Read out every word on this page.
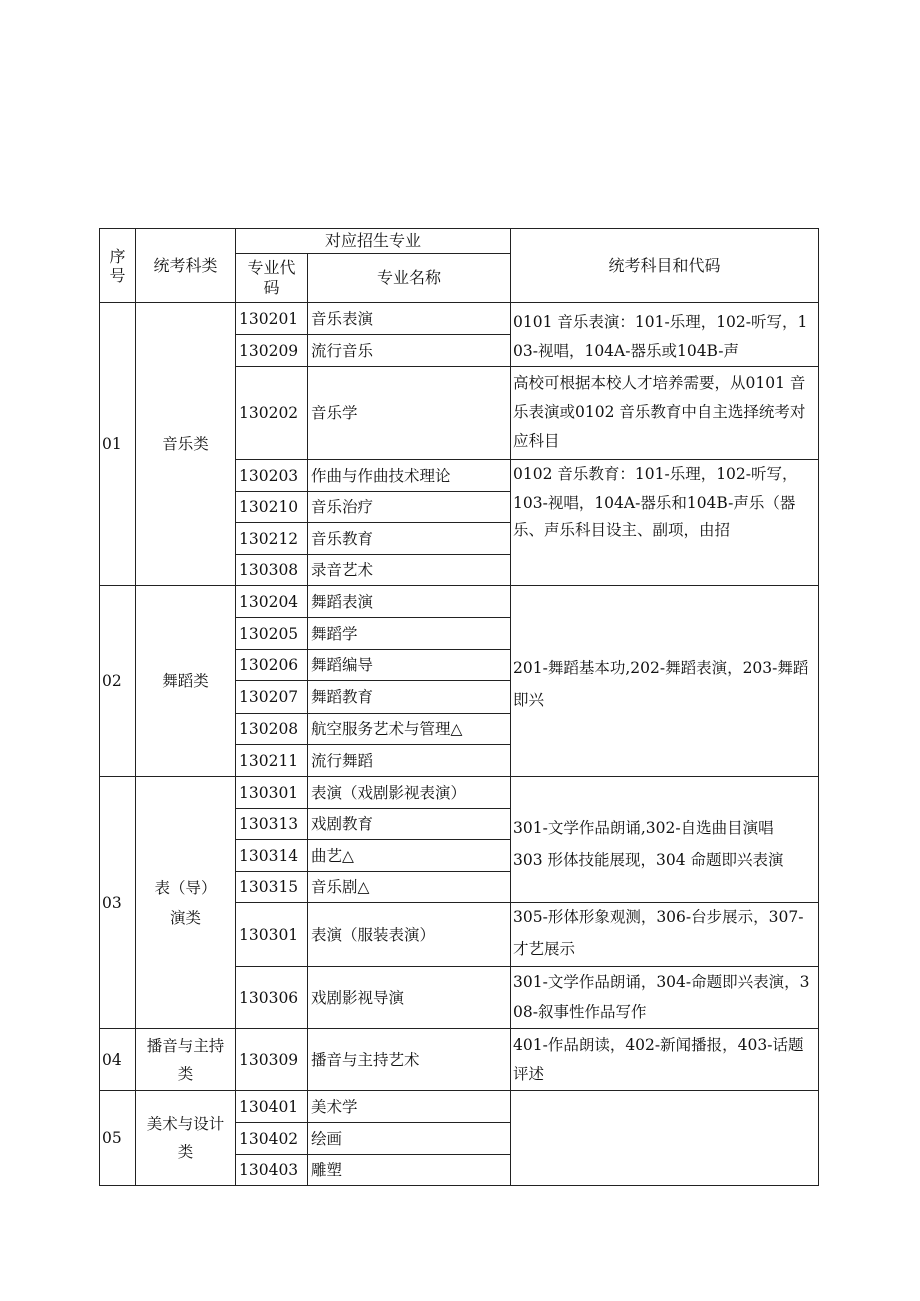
序号
统考科类
对应招生专业
专业代码
专业名称
统考科目和代码
01	音乐类
130201 音乐表演
130209 流行音乐
130202 音乐学
130203 作曲与作曲技术理论
130210 音乐治疗
130212 音乐教育
130308 录音艺术
0101 音乐表演：101-乐理，102-听写，103-视唱，104A-器乐或104B-声
高校可根据本校人才培养需要，从0101 音乐表演或0102 音乐教育中自主选择统考对应科目
0102 音乐教育：101-乐理，102-听写，
103-视唱，104A-器乐和104B-声乐（器乐、声乐科目设主、副项，由招
02	舞蹈类
130204 舞蹈表演
130205 舞蹈学
130206 舞蹈编导
130207 舞蹈教育
130208 航空服务艺术与管理△
130211 流行舞蹈
201-舞蹈基本功,202-舞蹈表演，203-舞蹈即兴
03
表（导）
演类
130301 表演（戏剧影视表演）
130313 戏剧教育
130314 曲艺△
130315 音乐剧△
130301 表演（服装表演）
130306 戏剧影视导演
301-文学作品朗诵,302-自选曲目演唱
303 形体技能展现，304 命题即兴表演
305-形体形象观测，306-台步展示，307-才艺展示
301-文学作品朗诵，304-命题即兴表演，308-叙事性作品写作
04
播音与主持
类
130309 播音与主持艺术
401-作品朗读，402-新闻播报，403-话题评述
05
美术与设计
类
130401 美术学
130402 绘画
130403 雕塑
